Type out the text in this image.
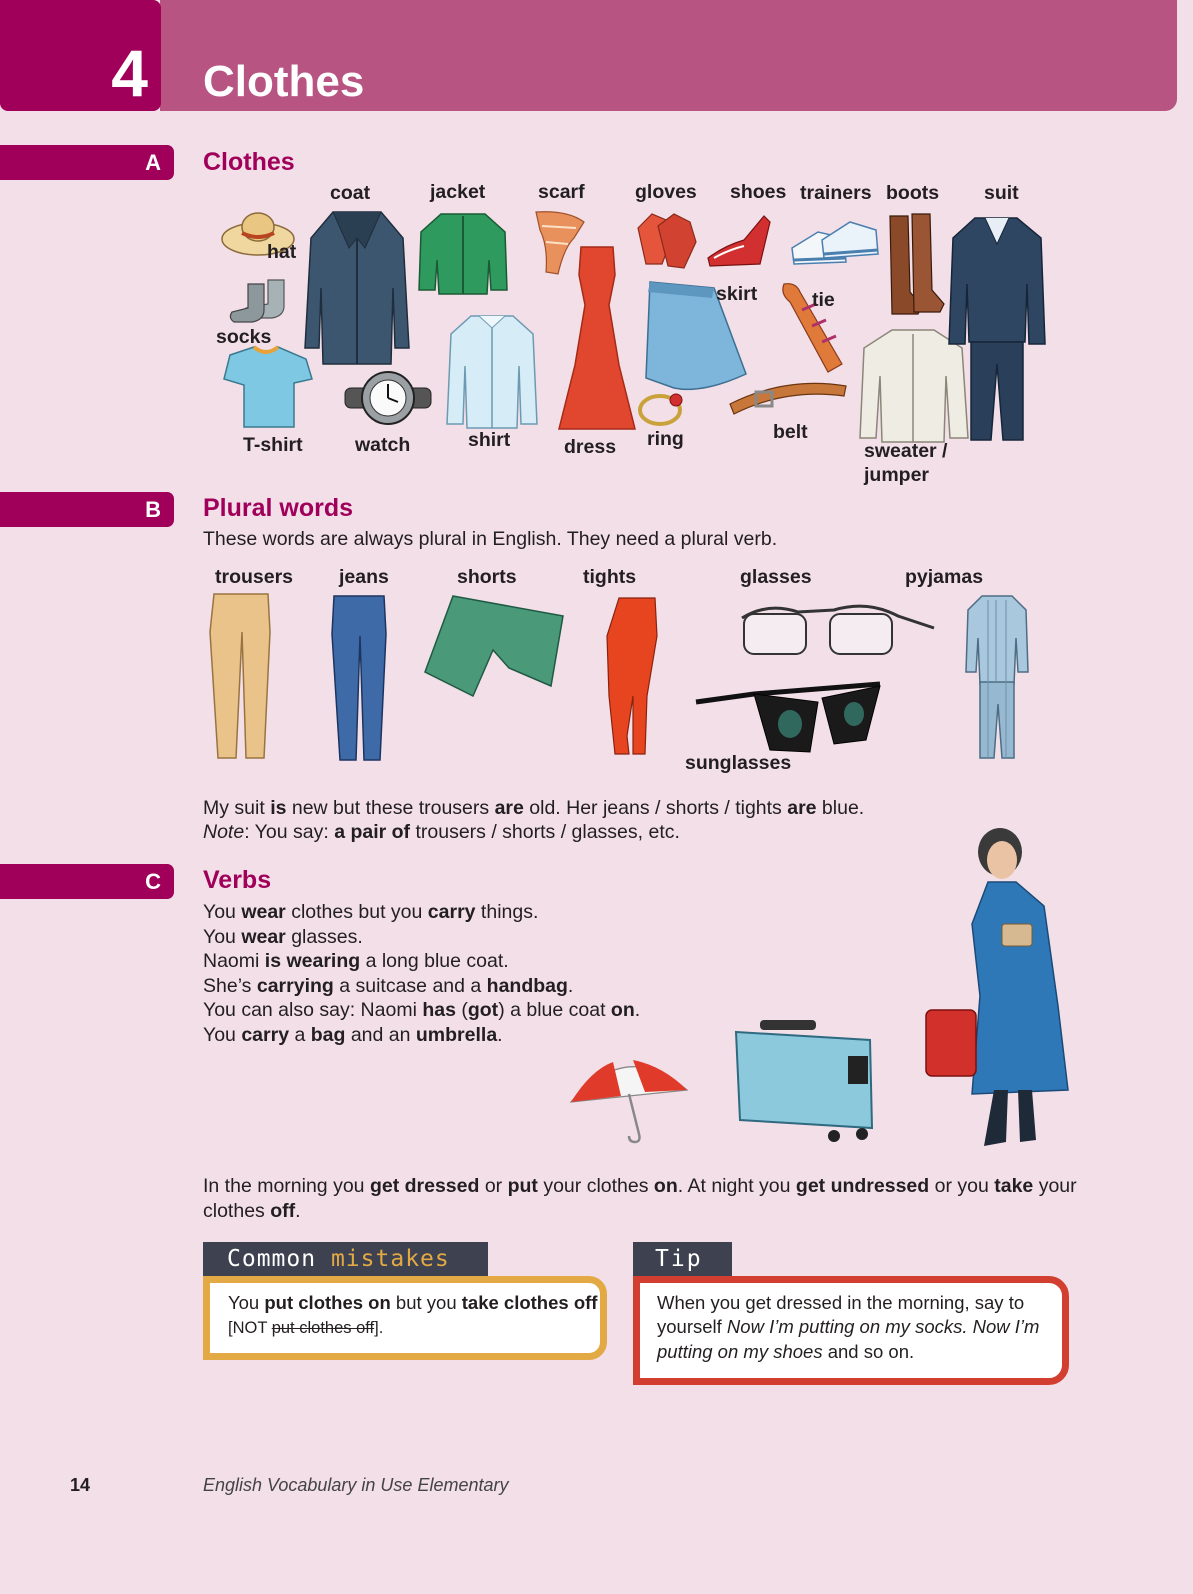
4 Clothes
A	Clothes
coat	jacket	scarf	gloves shoes trainers boots suit
hat
socks
skirt	tie
T-shirt	watch	shirt	dress ring	belt
sweater /
jumper
B	Plural words
These words are always plural in English. They need a plural verb.
trousers jeans	shorts	tights	glasses	pyjamas
sunglasses
My suit is new but these trousers are old. Her jeans / shorts / tights are blue.
Note: You say: a pair of trousers / shorts / glasses, etc.
C	Verbs
You wear clothes but you carry things.
You wear glasses.
Naomi is wearing a long blue coat.
She’s carrying a suitcase and a handbag.
You can also say: Naomi has (got) a blue coat on.
You carry a bag and an umbrella.
In the morning you get dressed or put your clothes on. At night you get undressed or you take your
clothes off.
Common mistakes
You put clothes on but you take clothes off
[NOT put clothes off].
Tip
When you get dressed in the morning, say to
yourself Now I’m putting on my socks. Now I’m
putting on my shoes and so on.
14	English Vocabulary in Use Elementary
